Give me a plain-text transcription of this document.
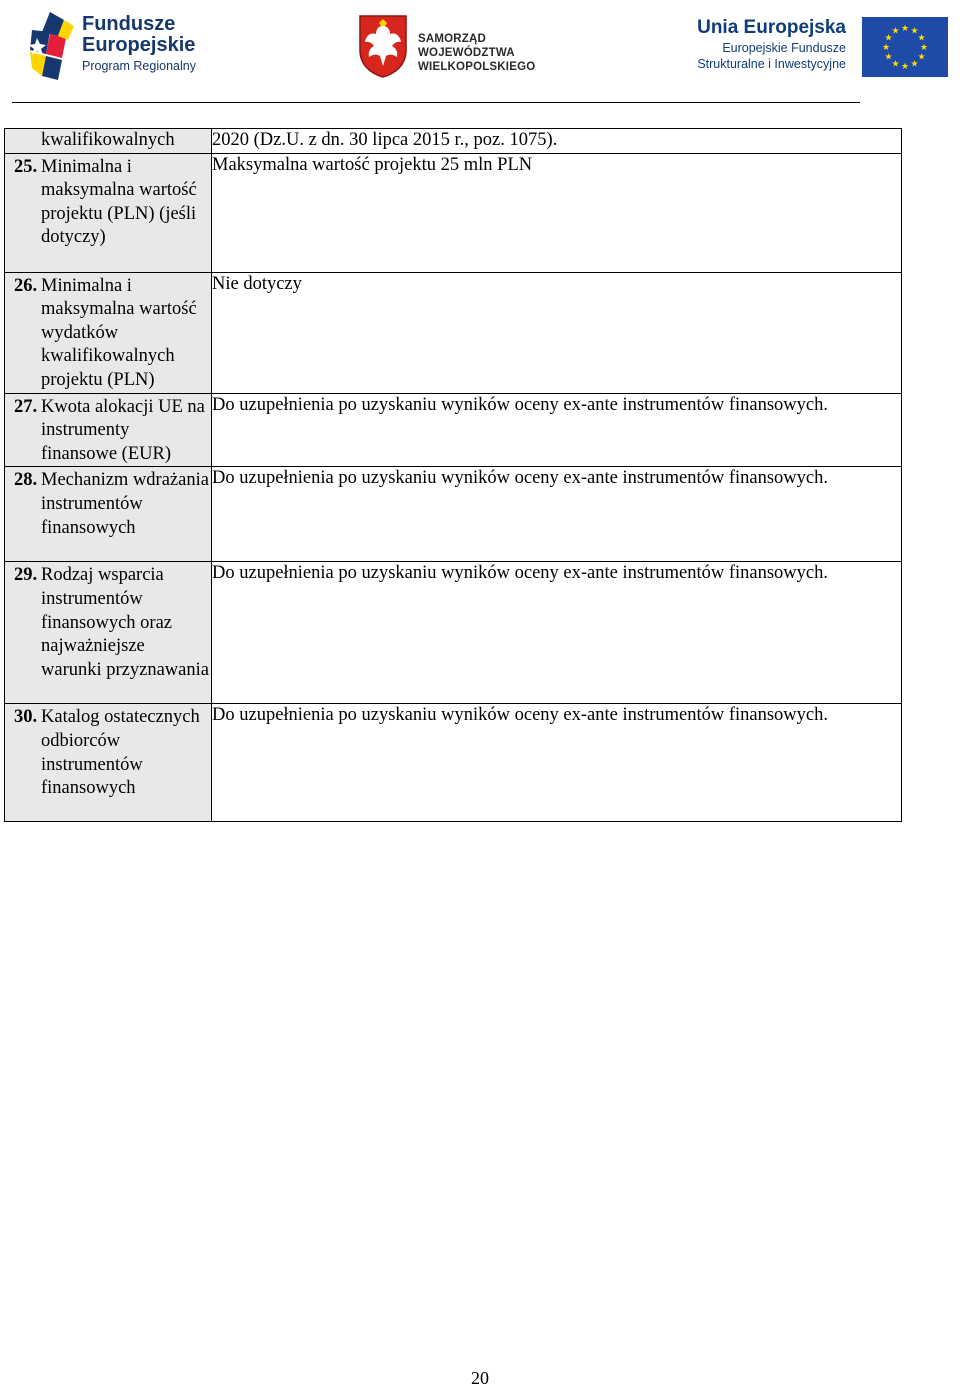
Fundusze
Europejskie
Program Regionalny
SAMORZĄD WOJEWÓDZTWA
WIELKOPOLSKIEGO
Unia Europejska
Europejskie Fundusze
Strukturalne i Inwestycyjne
★ ★
★
★
★
★
★
★
★
★
★
★
kwalifikowalnych	2020 (Dz.U. z dn. 30 lipca 2015 r., poz. 1075).

25. Minimalna i maksymalna wartość projektu (PLN) (jeśli dotyczy)	Maksymalna wartość projektu 25 mln PLN

26. Minimalna i maksymalna wartość wydatków kwalifikowalnych projektu (PLN)	Nie dotyczy

27. Kwota alokacji UE na instrumenty finansowe (EUR)	Do uzupełnienia po uzyskaniu wyników oceny ex-ante instrumentów finansowych.

28. Mechanizm wdrażania instrumentów finansowych	Do uzupełnienia po uzyskaniu wyników oceny ex-ante instrumentów finansowych.

29. Rodzaj wsparcia instrumentów finansowych oraz najważniejsze warunki przyznawania	Do uzupełnienia po uzyskaniu wyników oceny ex-ante instrumentów finansowych.

30. Katalog ostatecznych odbiorców instrumentów finansowych	Do uzupełnienia po uzyskaniu wyników oceny ex-ante instrumentów finansowych.
20
